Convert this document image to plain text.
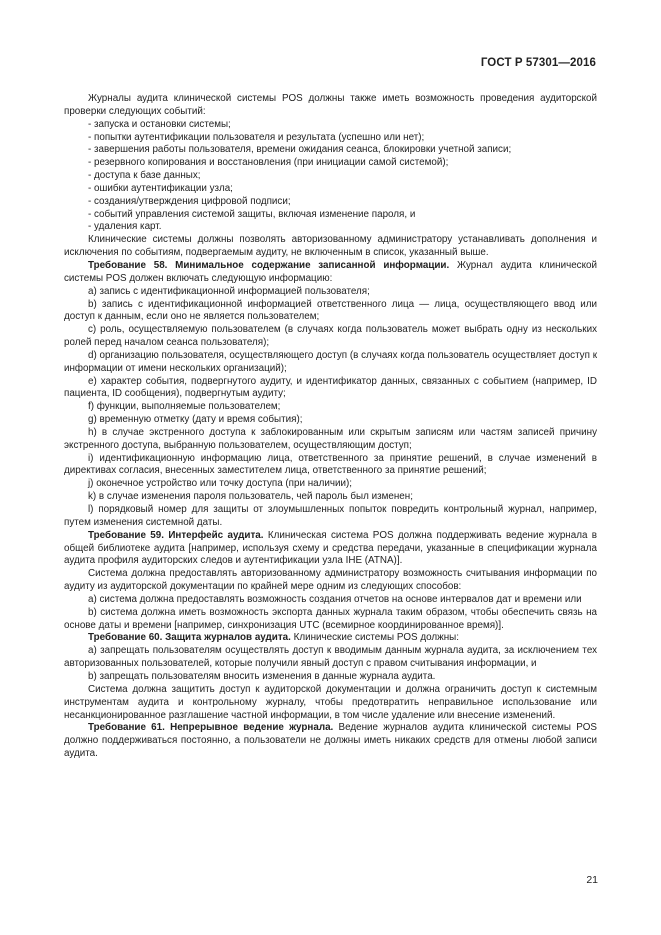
ГОСТ Р 57301—2016

Журналы аудита клинической системы POS должны также иметь возможность проведения аудиторской проверки следующих событий:

- запуска и остановки системы;

- попытки аутентификации пользователя и результата (успешно или нет);

- завершения работы пользователя, времени ожидания сеанса, блокировки учетной записи;

- резервного копирования и восстановления (при инициации самой системой);

- доступа к базе данных;

- ошибки аутентификации узла;

- создания/утверждения цифровой подписи;

- событий управления системой защиты, включая изменение пароля, и

- удаления карт.

Клинические системы должны позволять авторизованному администратору устанавливать дополнения и исключения по событиям, подвергаемым аудиту, не включенным в список, указанный выше.

Требование 58. Минимальное содержание записанной информации. Журнал аудита клинической системы POS должен включать следующую информацию:

a) запись с идентификационной информацией пользователя;

b) запись с идентификационной информацией ответственного лица — лица, осуществляющего ввод или доступ к данным, если оно не является пользователем;

c) роль, осуществляемую пользователем (в случаях когда пользователь может выбрать одну из нескольких ролей перед началом сеанса пользователя);

d) организацию пользователя, осуществляющего доступ (в случаях когда пользователь осуществляет доступ к информации от имени нескольких организаций);

e) характер события, подвергнутого аудиту, и идентификатор данных, связанных с событием (например, ID пациента, ID сообщения), подвергнутым аудиту;

f) функции, выполняемые пользователем;

g) временную отметку (дату и время события);

h) в случае экстренного доступа к заблокированным или скрытым записям или частям записей причину экстренного доступа, выбранную пользователем, осуществляющим доступ;

i) идентификационную информацию лица, ответственного за принятие решений, в случае изменений в директивах согласия, внесенных заместителем лица, ответственного за принятие решений;

j) оконечное устройство или точку доступа (при наличии);

k) в случае изменения пароля пользователь, чей пароль был изменен;

l) порядковый номер для защиты от злоумышленных попыток повредить контрольный журнал, например, путем изменения системной даты.

Требование 59. Интерфейс аудита. Клиническая система POS должна поддерживать ведение журнала в общей библиотеке аудита [например, используя схему и средства передачи, указанные в спецификации журнала аудита профиля аудиторских следов и аутентификации узла IHE (ATNA)].

Система должна предоставлять авторизованному администратору возможность считывания информации по аудиту из аудиторской документации по крайней мере одним из следующих способов:

a) система должна предоставлять возможность создания отчетов на основе интервалов дат и времени или

b) система должна иметь возможность экспорта данных журнала таким образом, чтобы обеспечить связь на основе даты и времени [например, синхронизация UTC (всемирное координированное время)].

Требование 60. Защита журналов аудита. Клинические системы POS должны:

a) запрещать пользователям осуществлять доступ к вводимым данным журнала аудита, за исключением тех авторизованных пользователей, которые получили явный доступ с правом считывания информации, и

b) запрещать пользователям вносить изменения в данные журнала аудита.

Система должна защитить доступ к аудиторской документации и должна ограничить доступ к системным инструментам аудита и контрольному журналу, чтобы предотвратить неправильное использование или несанкционированное разглашение частной информации, в том числе удаление или внесение изменений.

Требование 61. Непрерывное ведение журнала. Ведение журналов аудита клинической системы POS должно поддерживаться постоянно, а пользователи не должны иметь никаких средств для отмены любой записи аудита.

21
